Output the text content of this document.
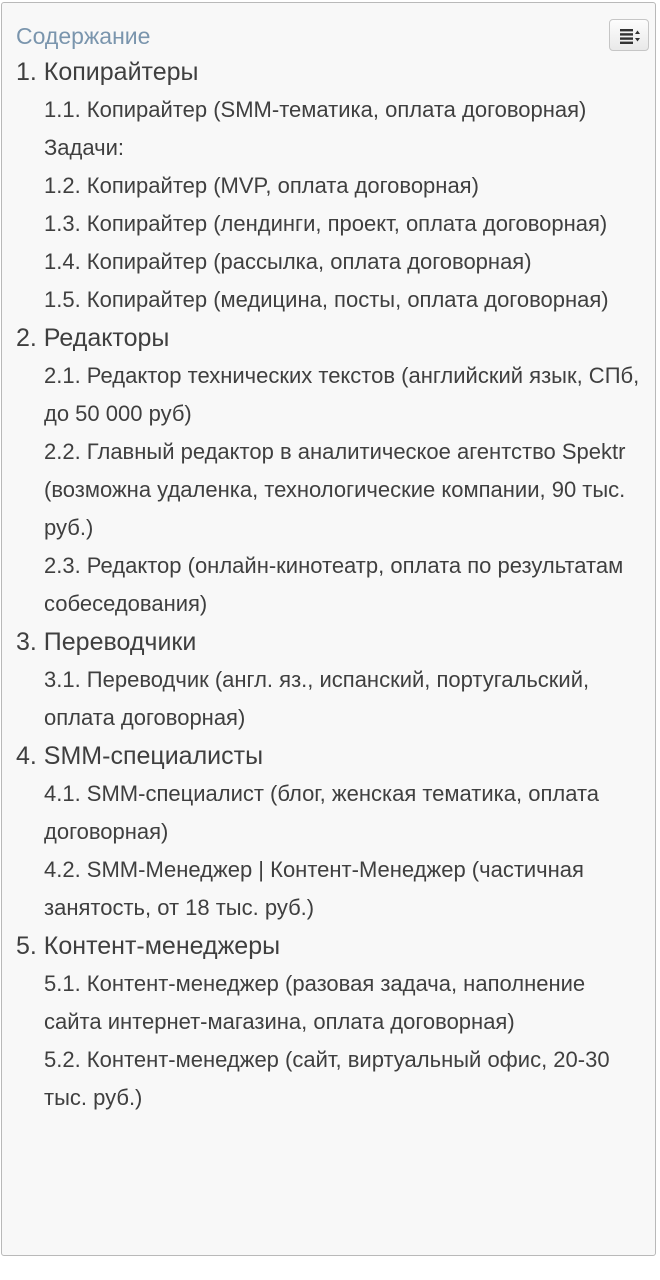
Содержание
1. Копирайтеры
1.1. Копирайтер (SMM-тематика, оплата договорная) Задачи:
1.2. Копирайтер (MVP, оплата договорная)
1.3. Копирайтер (лендинги, проект, оплата договорная)
1.4. Копирайтер (рассылка, оплата договорная)
1.5. Копирайтер (медицина, посты, оплата договорная)
2. Редакторы
2.1. Редактор технических текстов (английский язык, СПб, до 50 000 руб)
2.2. Главный редактор в аналитическое агентство Spektr (возможна удаленка, технологические компании, 90 тыс. руб.)
2.3. Редактор (онлайн-кинотеатр, оплата по результатам собеседования)
3. Переводчики
3.1. Переводчик (англ. яз., испанский, португальский, оплата договорная)
4. SMM-специалисты
4.1. SMM-специалист (блог, женская тематика, оплата договорная)
4.2. SMM-Менеджер | Контент-Менеджер (частичная занятость, от 18 тыс. руб.)
5. Контент-менеджеры
5.1. Контент-менеджер (разовая задача, наполнение сайта интернет-магазина, оплата договорная)
5.2. Контент-менеджер (сайт, виртуальный офис, 20-30 тыс. руб.)
